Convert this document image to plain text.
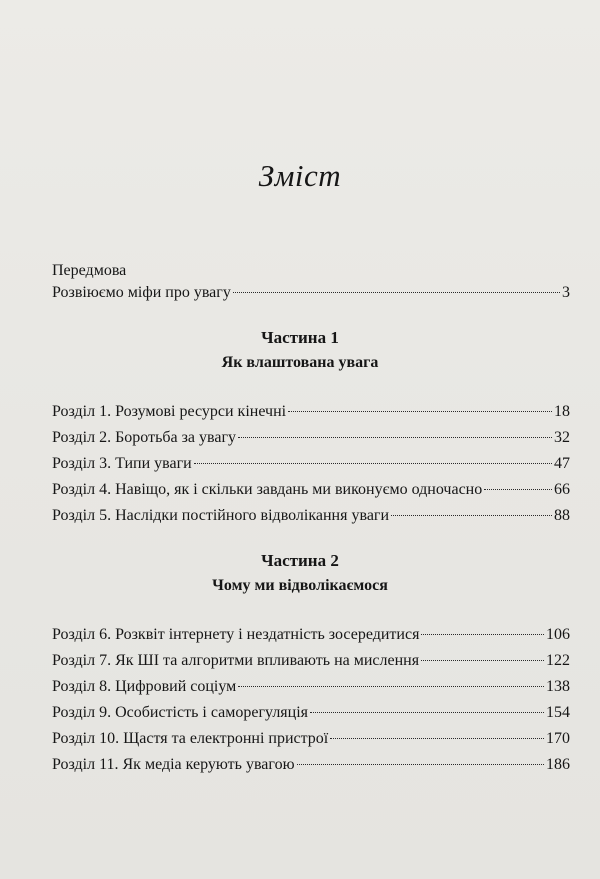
Зміст
Передмова
Розвіюємо міфи про увагу	3
Частина 1
Як влаштована увага
Розділ 1. Розумові ресурси кінечні	18
Розділ 2. Боротьба за увагу	32
Розділ 3. Типи уваги	47
Розділ 4. Навіщо, як і скільки завдань ми виконуємо одночасно	66
Розділ 5. Наслідки постійного відволікання уваги	88
Частина 2
Чому ми відволікаємося
Розділ 6. Розквіт інтернету і нездатність зосередитися	106
Розділ 7. Як ШІ та алгоритми впливають на мислення	122
Розділ 8. Цифровий соціум	138
Розділ 9. Особистість і саморегуляція	154
Розділ 10. Щастя та електронні пристрої	170
Розділ 11. Як медіа керують увагою	186
